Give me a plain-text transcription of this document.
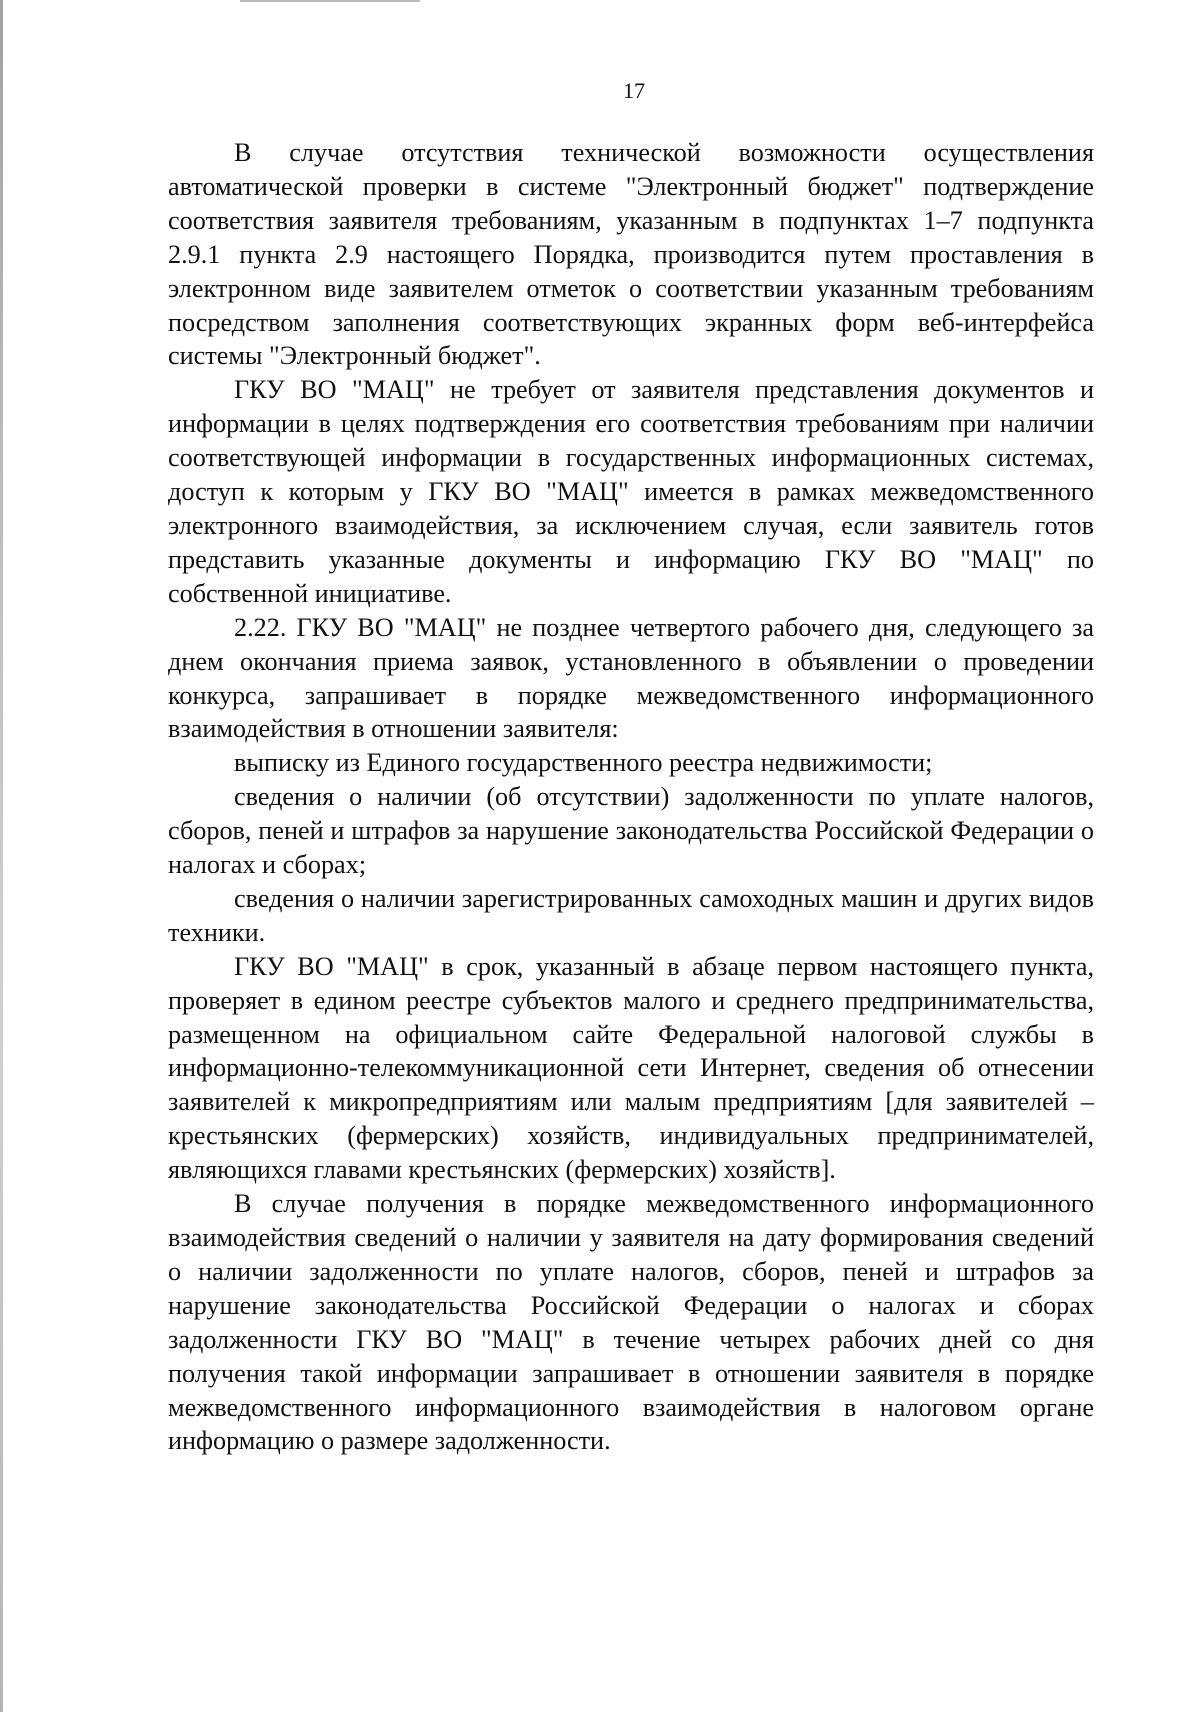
17

В случае отсутствия технической возможности осуществления автоматической проверки в системе "Электронный бюджет" подтверждение соответствия заявителя требованиям, указанным в подпунктах 1–7 подпункта 2.9.1 пункта 2.9 настоящего Порядка, производится путем проставления в электронном виде заявителем отметок о соответствии указанным требованиям посредством заполнения соответствующих экранных форм веб-интерфейса системы "Электронный бюджет".

ГКУ ВО "МАЦ" не требует от заявителя представления документов и информации в целях подтверждения его соответствия требованиям при наличии соответствующей информации в государственных информационных системах, доступ к которым у ГКУ ВО "МАЦ" имеется в рамках межведомственного электронного взаимодействия, за исключением случая, если заявитель готов представить указанные документы и информацию ГКУ ВО "МАЦ" по собственной инициативе.

2.22. ГКУ ВО "МАЦ" не позднее четвертого рабочего дня, следующего за днем окончания приема заявок, установленного в объявлении о проведении конкурса, запрашивает в порядке межведомственного информационного взаимодействия в отношении заявителя:

выписку из Единого государственного реестра недвижимости;

сведения о наличии (об отсутствии) задолженности по уплате налогов, сборов, пеней и штрафов за нарушение законодательства Российской Федерации о налогах и сборах;

сведения о наличии зарегистрированных самоходных машин и других видов техники.

ГКУ ВО "МАЦ" в срок, указанный в абзаце первом настоящего пункта, проверяет в едином реестре субъектов малого и среднего предпринимательства, размещенном на официальном сайте Федеральной налоговой службы в информационно-телекоммуникационной сети Интернет, сведения об отнесении заявителей к микропредприятиям или малым предприятиям [для заявителей – крестьянских (фермерских) хозяйств, индивидуальных предпринимателей, являющихся главами крестьянских (фермерских) хозяйств].

В случае получения в порядке межведомственного информационного взаимодействия сведений о наличии у заявителя на дату формирования сведений о наличии задолженности по уплате налогов, сборов, пеней и штрафов за нарушение законодательства Российской Федерации о налогах и сборах задолженности ГКУ ВО "МАЦ" в течение четырех рабочих дней со дня получения такой информации запрашивает в отношении заявителя в порядке межведомственного информационного взаимодействия в налоговом органе информацию о размере задолженности.
